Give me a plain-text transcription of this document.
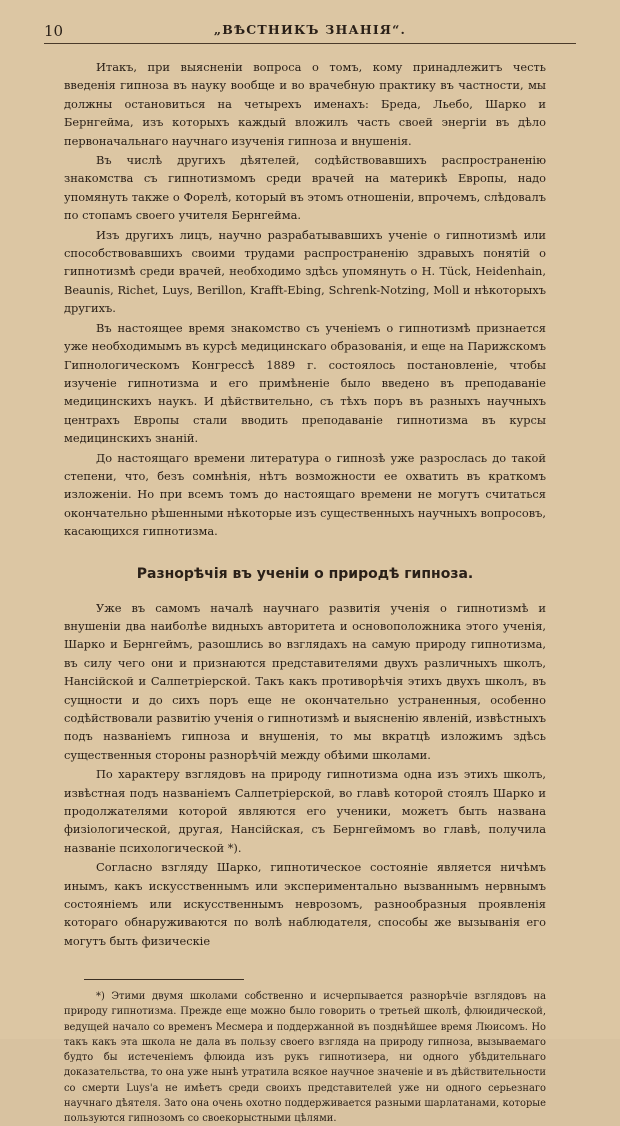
10	„ВѢСТНИКЪ ЗНАНІЯ“.

Итакъ, при выясненіи вопроса о томъ, кому принадлежитъ честь введенія гипноза въ науку вообще и во врачебную практику въ частности, мы должны остановиться на четырехъ именахъ: Бреда, Льебо, Шарко и Бернгейма, изъ которыхъ каждый вложилъ часть своей энергіи въ дѣло первоначальнаго научнаго изученія гипноза и внушенія.

Въ числѣ другихъ дѣятелей, содѣйствовавшихъ распространенію знакомства съ гипнотизмомъ среди врачей на материкѣ Европы, надо упомянуть также о Форелѣ, который въ этомъ отношеніи, впрочемъ, слѣдовалъ по стопамъ своего учителя Бернгейма.

Изъ другихъ лицъ, научно разрабатывавшихъ ученіе о гипнотизмѣ или способствовавшихъ своими трудами распространенію здравыхъ понятій о гипнотизмѣ среди врачей, необходимо здѣсь упомянуть о H. Tück, Heidenhain, Beaunis, Richet, Luys, Berillon, Krafft-Ebing, Schrenk-Notzing, Moll и нѣкоторыхъ другихъ.

Въ настоящее время знакомство съ ученіемъ о гипнотизмѣ признается уже необходимымъ въ курсѣ медицинскаго образованія, и еще на Парижскомъ Гипнологическомъ Конгрессѣ 1889 г. состоялось постановленіе, чтобы изученіе гипнотизма и его примѣненіе было введено въ преподаваніе медицинскихъ наукъ. И дѣйствительно, съ тѣхъ поръ въ разныхъ научныхъ центрахъ Европы стали вводить преподаваніе гипнотизма въ курсы медицинскихъ знаній.

До настоящаго времени литература о гипнозѣ уже разрослась до такой степени, что, безъ сомнѣнія, нѣтъ возможности ее охватить въ краткомъ изложеніи. Но при всемъ томъ до настоящаго времени не могутъ считаться окончательно рѣшенными нѣкоторые изъ существенныхъ научныхъ вопросовъ, касающихся гипнотизма.

Разнорѣчія въ ученіи о природѣ гипноза.

Уже въ самомъ началѣ научнаго развитія ученія о гипнотизмѣ и внушеніи два наиболѣе видныхъ авторитета и основоположника этого ученія, Шарко и Бернгеймъ, разошлись во взглядахъ на самую природу гипнотизма, въ силу чего они и признаются представителями двухъ различныхъ школъ, Нансійской и Салпетріерской. Такъ какъ противорѣчія этихъ двухъ школъ, въ сущности и до сихъ поръ еще не окончательно устраненныя, особенно содѣйствовали развитію ученія о гипнотизмѣ и выясненію явленій, извѣстныхъ подъ названіемъ гипноза и внушенія, то мы вкратцѣ изложимъ здѣсь существенныя стороны разнорѣчій между обѣими школами.

По характеру взглядовъ на природу гипнотизма одна изъ этихъ школъ, извѣстная подъ названіемъ Салпетріерской, во главѣ которой стоялъ Шарко и продолжателями которой являются его ученики, можетъ быть названа физіологической, другая, Нансійская, съ Бернгеймомъ во главѣ, получила названіе психологической *).

Согласно взгляду Шарко, гипнотическое состояніе является ничѣмъ инымъ, какъ искусственнымъ или экспериментально вызваннымъ нервнымъ состояніемъ или искусственнымъ неврозомъ, разнообразныя проявленія котораго обнаруживаются по волѣ наблюдателя, способы же вызыванія его могутъ быть физическіе

*) Этими двумя школами собственно и исчерпывается разнорѣчіе взглядовъ на природу гипнотизма. Прежде еще можно было говорить о третьей школѣ, флюидической, ведущей начало со временъ Месмера и поддержанной въ позднѣйшее время Люисомъ. Но такъ какъ эта школа не дала въ пользу своего взгляда на природу гипноза, вызываемаго будто бы истеченіемъ флюида изъ рукъ гипнотизера, ни одного убѣдительнаго доказательства, то она уже нынѣ утратила всякое научное значеніе и въ дѣйствительности со смерти Luys'а не имѣетъ среди своихъ представителей уже ни одного серьезнаго научнаго дѣятеля. Зато она очень охотно поддерживается разными шарлатанами, которые пользуются гипнозомъ со своекорыстными цѣлями.
